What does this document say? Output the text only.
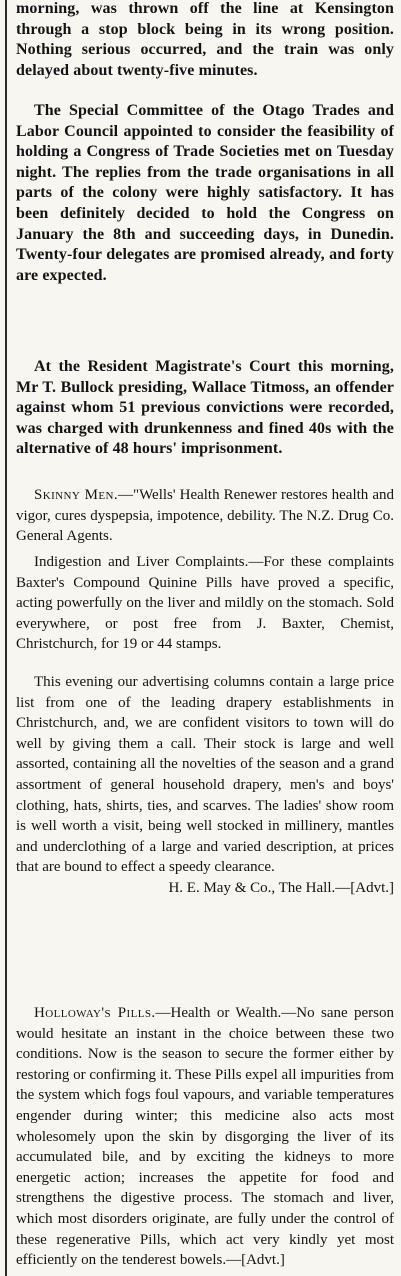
morning, was thrown off the line at Kensington through a stop block being in its wrong position. Nothing serious occurred, and the train was only delayed about twenty-five minutes.

The Special Committee of the Otago Trades and Labor Council appointed to consider the feasibility of holding a Congress of Trade Societies met on Tuesday night. The replies from the trade organisations in all parts of the colony were highly satisfactory. It has been definitely decided to hold the Congress on January the 8th and succeeding days, in Dunedin. Twenty-four delegates are promised already, and forty are expected.

At the Resident Magistrate's Court this morning, Mr T. Bullock presiding, Wallace Titmoss, an offender against whom 51 previous convictions were recorded, was charged with drunkenness and fined 40s with the alternative of 48 hours' imprisonment.

Skinny Men.—"Wells' Health Renewer restores health and vigor, cures dyspepsia, impotence, debility. The N.Z. Drug Co. General Agents.

Indigestion and Liver Complaints.—For these complaints Baxter's Compound Quinine Pills have proved a specific, acting powerfully on the liver and mildly on the stomach. Sold everywhere, or post free from J. Baxter, Chemist, Christchurch, for 19 or 44 stamps.

This evening our advertising columns contain a large price list from one of the leading drapery establishments in Christchurch, and, we are confident visitors to town will do well by giving them a call. Their stock is large and well assorted, containing all the novelties of the season and a grand assortment of general household drapery, men's and boys' clothing, hats, shirts, ties, and scarves. The ladies' show room is well worth a visit, being well stocked in millinery, mantles and underclothing of a large and varied description, at prices that are bound to effect a speedy clearance.

H. E. May & Co., The Hall.—[Advt.]

Holloway's Pills.—Health or Wealth.—No sane person would hesitate an instant in the choice between these two conditions. Now is the season to secure the former either by restoring or confirming it. These Pills expel all impurities from the system which fogs foul vapours, and variable temperatures engender during winter; this medicine also acts most wholesomely upon the skin by disgorging the liver of its accumulated bile, and by exciting the kidneys to more energetic action; increases the appetite for food and strengthens the digestive process. The stomach and liver, which most disorders originate, are fully under the control of these regenerative Pills, which act very kindly yet most efficiently on the tenderest bowels.—[Advt.]
